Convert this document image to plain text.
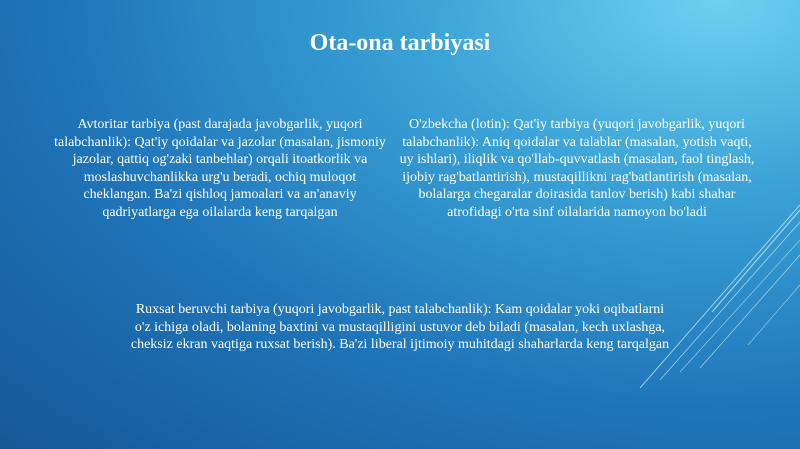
Ota-ona tarbiyasi
Avtoritar tarbiya (past darajada javobgarlik, yuqori talabchanlik): Qat'iy qoidalar va jazolar (masalan, jismoniy jazolar, qattiq og'zaki tanbehlar) orqali itoatkorlik va moslashuvchanlikka urg'u beradi, ochiq muloqot cheklangan. Ba'zi qishloq jamoalari va an'anaviy qadriyatlarga ega oilalarda keng tarqalgan
O'zbekcha (lotin): Qat'iy tarbiya (yuqori javobgarlik, yuqori talabchanlik): Aniq qoidalar va talablar (masalan, yotish vaqti, uy ishlari), iliqlik va qo'llab-quvvatlash (masalan, faol tinglash, ijobiy rag'batlantirish), mustaqillikni rag'batlantirish (masalan, bolalarga chegaralar doirasida tanlov berish) kabi shahar atrofidagi o'rta sinf oilalarida namoyon bo'ladi
Ruxsat beruvchi tarbiya (yuqori javobgarlik, past talabchanlik): Kam qoidalar yoki oqibatlarni o'z ichiga oladi, bolaning baxtini va mustaqilligini ustuvor deb biladi (masalan, kech uxlashga, cheksiz ekran vaqtiga ruxsat berish). Ba'zi liberal ijtimoiy muhitdagi shaharlarda keng tarqalgan
